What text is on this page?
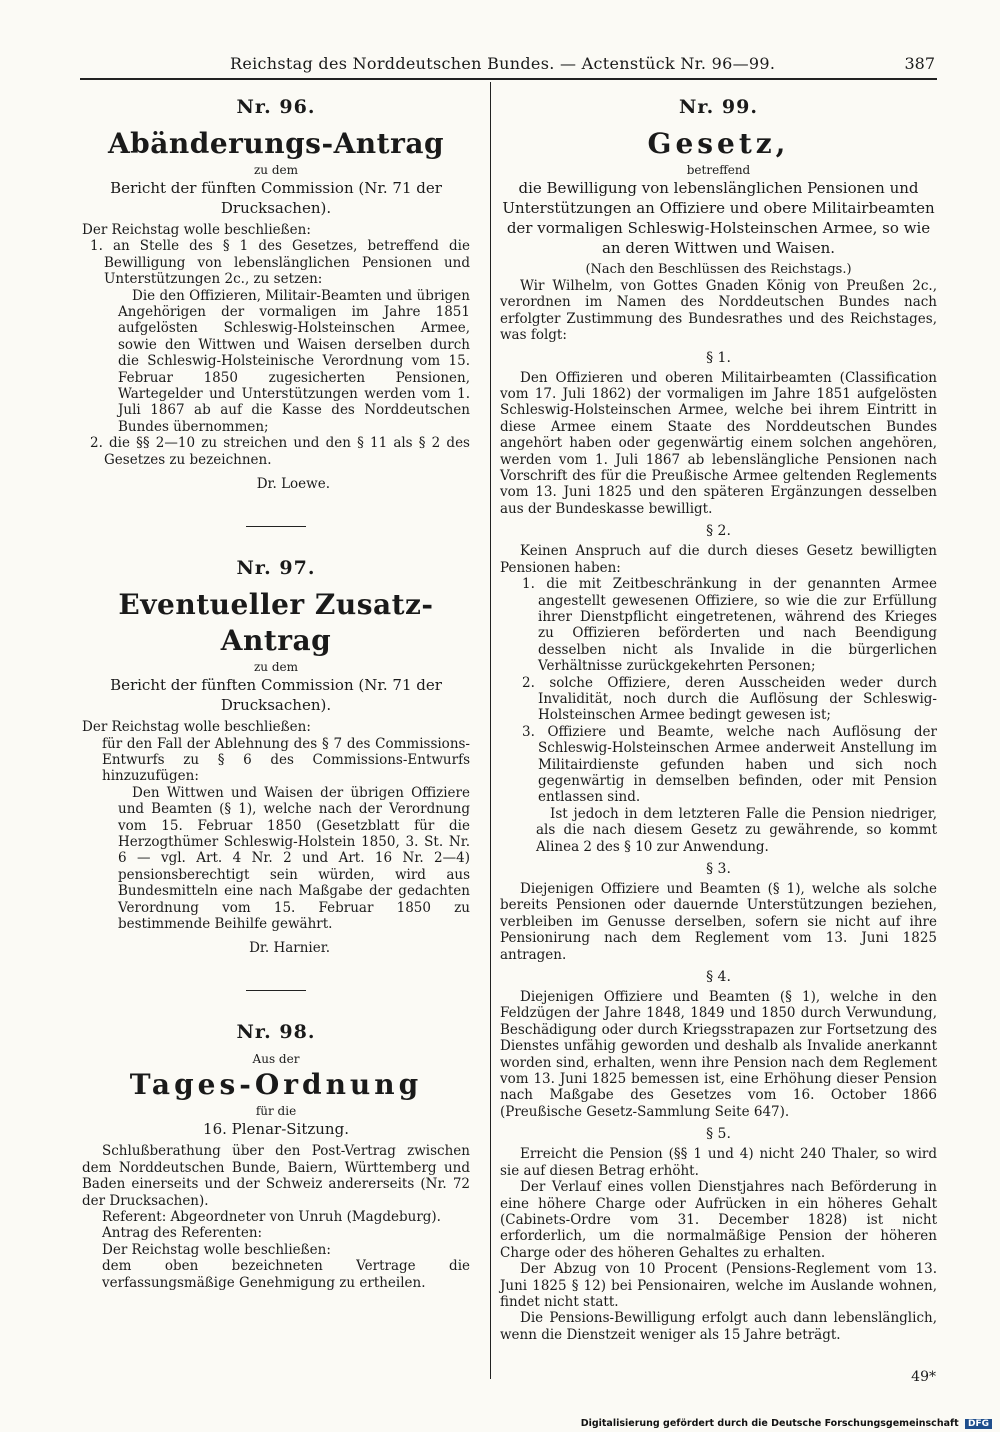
Reichstag des Norddeutschen Bundes. — Actenstück Nr. 96—99.	387

Nr. 96.

Abänderungs-Antrag

zu dem

Bericht der fünften Commission (Nr. 71 der Drucksachen).

Der Reichstag wolle beschließen:

1. an Stelle des § 1 des Gesetzes, betreffend die Bewilligung von lebenslänglichen Pensionen und Unterstützungen 2c., zu setzen:

Die den Offizieren, Militair-Beamten und übrigen Angehörigen der vormaligen im Jahre 1851 aufgelösten Schleswig-Holsteinschen Armee, sowie den Wittwen und Waisen derselben durch die Schleswig-Holsteinische Verordnung vom 15. Februar 1850 zugesicherten Pensionen, Wartegelder und Unterstützungen werden vom 1. Juli 1867 ab auf die Kasse des Norddeutschen Bundes übernommen;

2. die §§ 2—10 zu streichen und den § 11 als § 2 des Gesetzes zu bezeichnen.

Dr. Loewe.

Nr. 97.

Eventueller Zusatz-Antrag

zu dem

Bericht der fünften Commission (Nr. 71 der Drucksachen).

Der Reichstag wolle beschließen:

für den Fall der Ablehnung des § 7 des Commissions-Entwurfs zu § 6 des Commissions-Entwurfs hinzuzufügen:

Den Wittwen und Waisen der übrigen Offiziere und Beamten (§ 1), welche nach der Verordnung vom 15. Februar 1850 (Gesetzblatt für die Herzogthümer Schleswig-Holstein 1850, 3. St. Nr. 6 — vgl. Art. 4 Nr. 2 und Art. 16 Nr. 2—4) pensionsberechtigt sein würden, wird aus Bundesmitteln eine nach Maßgabe der gedachten Verordnung vom 15. Februar 1850 zu bestimmende Beihilfe gewährt.

Dr. Harnier.

Nr. 98.

Aus der

Tages-Ordnung

für die

16. Plenar-Sitzung.

Schlußberathung über den Post-Vertrag zwischen dem Norddeutschen Bunde, Baiern, Württemberg und Baden einerseits und der Schweiz andererseits (Nr. 72 der Drucksachen).

Referent: Abgeordneter von Unruh (Magdeburg).

Antrag des Referenten:

Der Reichstag wolle beschließen:

dem oben bezeichneten Vertrage die verfassungsmäßige Genehmigung zu ertheilen.

Nr. 99.

Gesetz,

betreffend

die Bewilligung von lebenslänglichen Pensionen und Unterstützungen an Offiziere und obere Militairbeamten der vormaligen Schleswig-Holsteinschen Armee, so wie an deren Wittwen und Waisen.

(Nach den Beschlüssen des Reichstags.)

Wir Wilhelm, von Gottes Gnaden König von Preußen 2c., verordnen im Namen des Norddeutschen Bundes nach erfolgter Zustimmung des Bundesrathes und des Reichstages, was folgt:

§ 1.

Den Offizieren und oberen Militairbeamten (Classification vom 17. Juli 1862) der vormaligen im Jahre 1851 aufgelösten Schleswig-Holsteinschen Armee, welche bei ihrem Eintritt in diese Armee einem Staate des Norddeutschen Bundes angehört haben oder gegenwärtig einem solchen angehören, werden vom 1. Juli 1867 ab lebenslängliche Pensionen nach Vorschrift des für die Preußische Armee geltenden Reglements vom 13. Juni 1825 und den späteren Ergänzungen desselben aus der Bundeskasse bewilligt.

§ 2.

Keinen Anspruch auf die durch dieses Gesetz bewilligten Pensionen haben:

1. die mit Zeitbeschränkung in der genannten Armee angestellt gewesenen Offiziere, so wie die zur Erfüllung ihrer Dienstpflicht eingetretenen, während des Krieges zu Offizieren beförderten und nach Beendigung desselben nicht als Invalide in die bürgerlichen Verhältnisse zurückgekehrten Personen;

2. solche Offiziere, deren Ausscheiden weder durch Invalidität, noch durch die Auflösung der Schleswig-Holsteinschen Armee bedingt gewesen ist;

3. Offiziere und Beamte, welche nach Auflösung der Schleswig-Holsteinschen Armee anderweit Anstellung im Militairdienste gefunden haben und sich noch gegenwärtig in demselben befinden, oder mit Pension entlassen sind.

Ist jedoch in dem letzteren Falle die Pension niedriger, als die nach diesem Gesetz zu gewährende, so kommt Alinea 2 des § 10 zur Anwendung.

§ 3.

Diejenigen Offiziere und Beamten (§ 1), welche als solche bereits Pensionen oder dauernde Unterstützungen beziehen, verbleiben im Genusse derselben, sofern sie nicht auf ihre Pensionirung nach dem Reglement vom 13. Juni 1825 antragen.

§ 4.

Diejenigen Offiziere und Beamten (§ 1), welche in den Feldzügen der Jahre 1848, 1849 und 1850 durch Verwundung, Beschädigung oder durch Kriegsstrapazen zur Fortsetzung des Dienstes unfähig geworden und deshalb als Invalide anerkannt worden sind, erhalten, wenn ihre Pension nach dem Reglement vom 13. Juni 1825 bemessen ist, eine Erhöhung dieser Pension nach Maßgabe des Gesetzes vom 16. October 1866 (Preußische Gesetz-Sammlung Seite 647).

§ 5.

Erreicht die Pension (§§ 1 und 4) nicht 240 Thaler, so wird sie auf diesen Betrag erhöht.

Der Verlauf eines vollen Dienstjahres nach Beförderung in eine höhere Charge oder Aufrücken in ein höheres Gehalt (Cabinets-Ordre vom 31. December 1828) ist nicht erforderlich, um die normalmäßige Pension der höheren Charge oder des höheren Gehaltes zu erhalten.

Der Abzug von 10 Procent (Pensions-Reglement vom 13. Juni 1825 § 12) bei Pensionairen, welche im Auslande wohnen, findet nicht statt.

Die Pensions-Bewilligung erfolgt auch dann lebenslänglich, wenn die Dienstzeit weniger als 15 Jahre beträgt.

49*
Digitalisierung gefördert durch die Deutsche Forschungsgemeinschaft DFG
